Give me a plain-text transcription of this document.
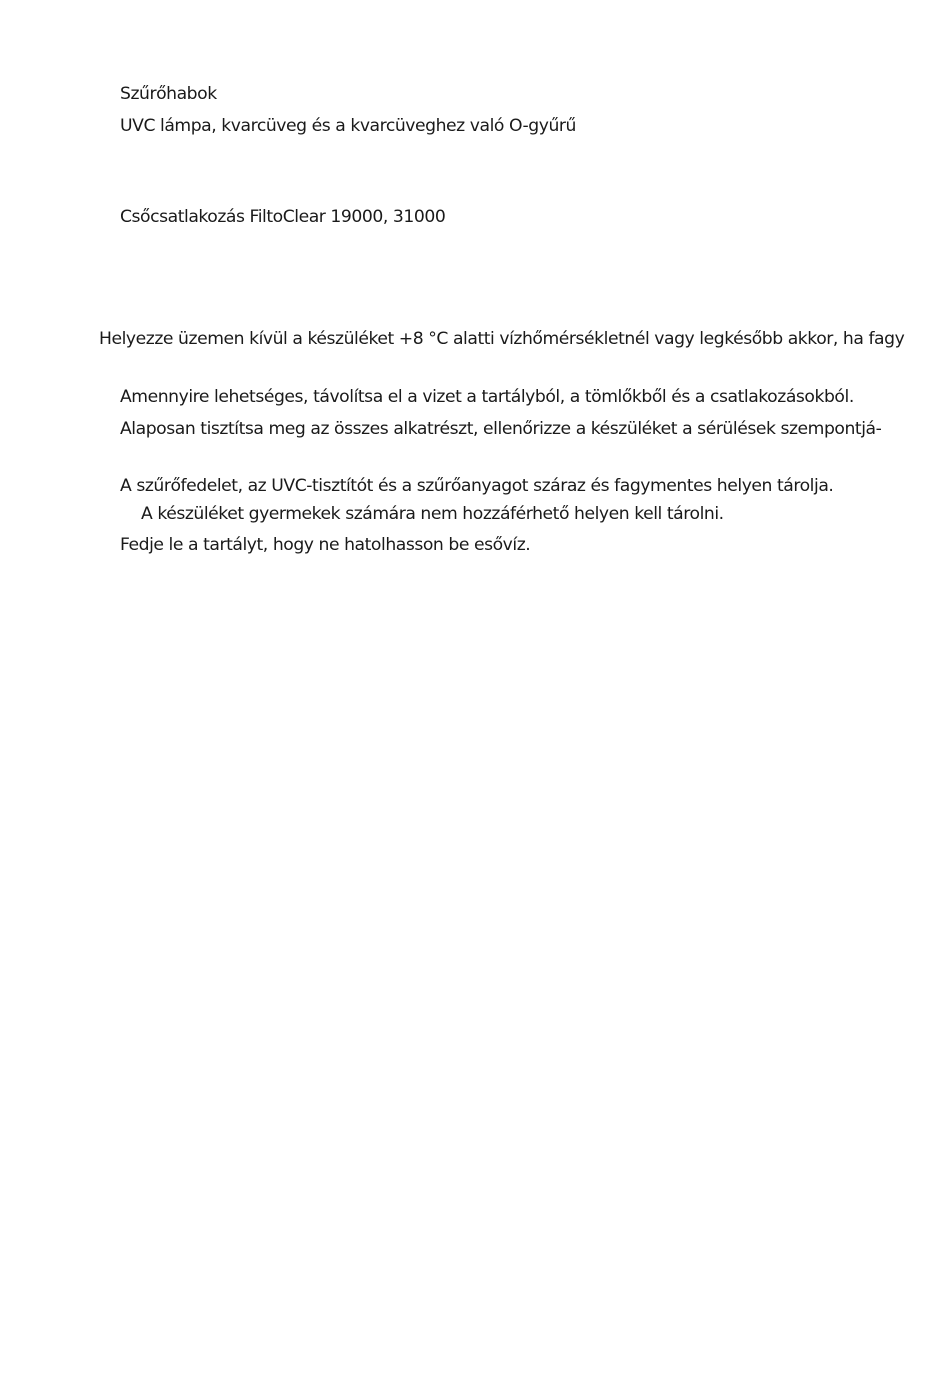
Szűrőhabok
UVC lámpa, kvarcüveg és a kvarcüveghez való O-gyűrű
Csőcsatlakozás FiltoClear 19000, 31000
Helyezze üzemen kívül a készüléket +8 °C alatti vízhőmérsékletnél vagy legkésőbb akkor, ha fagy
Amennyire lehetséges, távolítsa el a vizet a tartályból, a tömlőkből és a csatlakozásokból.
Alaposan tisztítsa meg az összes alkatrészt, ellenőrizze a készüléket a sérülések szempontjá-
A szűrőfedelet, az UVC-tisztítót és a szűrőanyagot száraz és fagymentes helyen tárolja.
A készüléket gyermekek számára nem hozzáférhető helyen kell tárolni.
Fedje le a tartályt, hogy ne hatolhasson be esővíz.
